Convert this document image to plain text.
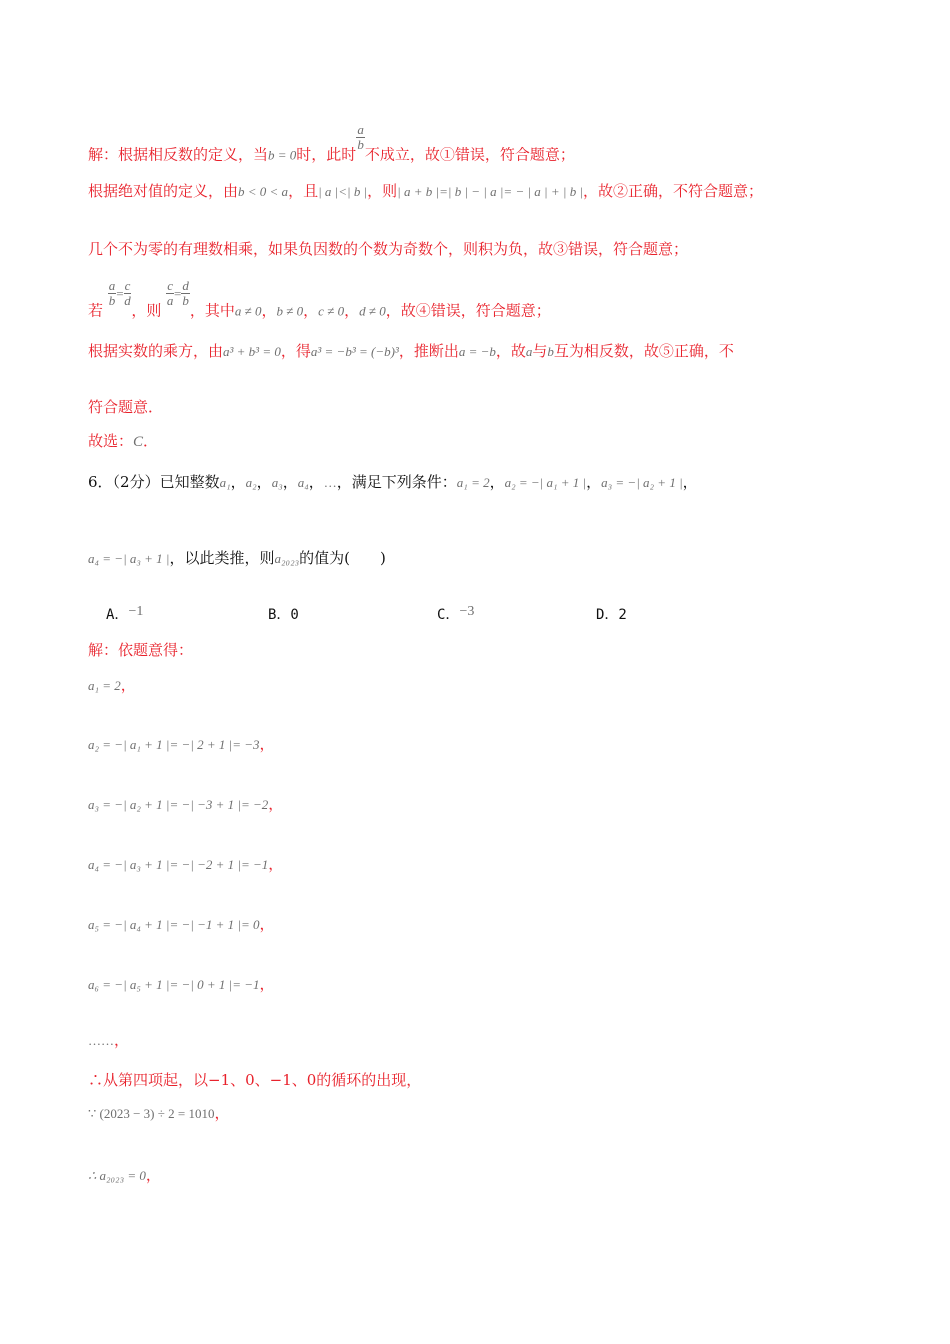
解：根据相反数的定义，当b = 0时，此时
$\frac{a}{b}$
不成立，故①错误，符合题意；
根据绝对值的定义，由b < 0 < a，且| a |<| b |，则| a + b |=| b | − | a |= − | a | + | b |，故②正确，不符合题意；
几个不为零的有理数相乘，如果负因数的个数为奇数个，则积为负，故③错误，符合题意；
若
$\frac{a}{b} = \frac{c}{d}$
，则
$\frac{c}{a} = \frac{d}{b}$
，其中a ≠ 0，b ≠ 0，c ≠ 0，d ≠ 0，故④错误，符合题意；
根据实数的乘方，由a³ + b³ = 0，得a³ = −b³ = (−b)³，推断出a = −b，故a与b互为相反数，故⑤正确，不
符合题意．
故选：C．
6．（2分）已知整数a₁，a₂，a₃，a₄，…，满足下列条件：a₁ = 2，a₂ = −| a₁ + 1 |，a₃ = −| a₂ + 1 |，
a₄ = −| a₃ + 1 |，以此类推，则a₂₀₂₃的值为(　　)
A．−1	B．0	C．−3	D．2
解：依题意得：
a₁ = 2，
a₂ = −| a₁ + 1 |= −| 2 + 1 |= −3，
a₃ = −| a₂ + 1 |= −| −3 + 1 |= −2，
a₄ = −| a₃ + 1 |= −| −2 + 1 |= −1，
a₅ = −| a₄ + 1 |= −| −1 + 1 |= 0，
a₆ = −| a₅ + 1 |= −| 0 + 1 |= −1，
……，
∴从第四项起，以−1、0、−1、0的循环的出现，
∵ (2023 − 3) ÷ 2 = 1010，
∴ a₂₀₂₃ = 0，
